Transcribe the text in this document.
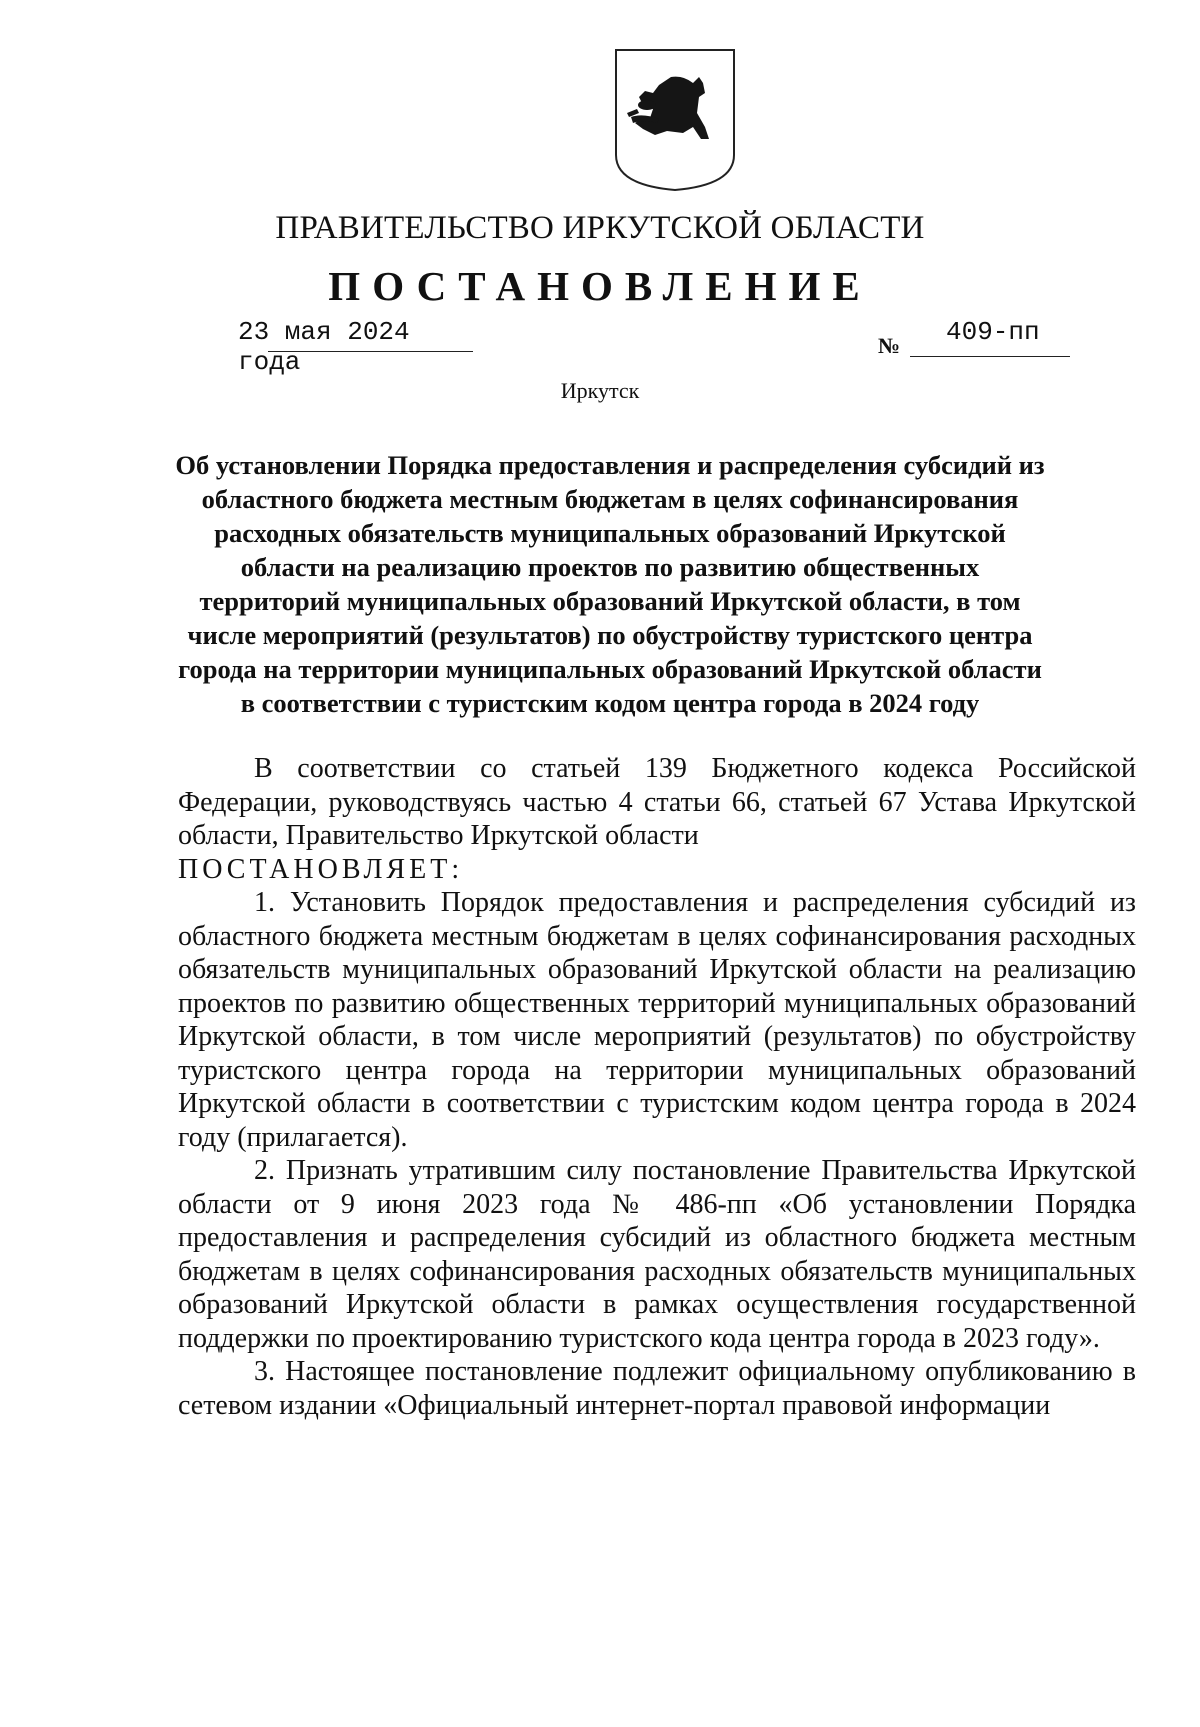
ПРАВИТЕЛЬСТВО ИРКУТСКОЙ ОБЛАСТИ
ПОСТАНОВЛЕНИЕ
23 мая 2024 года
№ 409-пп
Иркутск
Об установлении Порядка предоставления и распределения субсидий из областного бюджета местным бюджетам в целях софинансирования расходных обязательств муниципальных образований Иркутской области на реализацию проектов по развитию общественных территорий муниципальных образований Иркутской области, в том числе мероприятий (результатов) по обустройству туристского центра города на территории муниципальных образований Иркутской области в соответствии с туристским кодом центра города в 2024 году

В соответствии со статьей 139 Бюджетного кодекса Российской Федерации, руководствуясь частью 4 статьи 66, статьей 67 Устава Иркутской области, Правительство Иркутской области

ПОСТАНОВЛЯЕТ:

1. Установить Порядок предоставления и распределения субсидий из областного бюджета местным бюджетам в целях софинансирования расходных обязательств муниципальных образований Иркутской области на реализацию проектов по развитию общественных территорий муниципальных образований Иркутской области, в том числе мероприятий (результатов) по обустройству туристского центра города на территории муниципальных образований Иркутской области в соответствии с туристским кодом центра города в 2024 году (прилагается).

2. Признать утратившим силу постановление Правительства Иркутской области от 9 июня 2023 года № 486-пп «Об установлении Порядка предоставления и распределения субсидий из областного бюджета местным бюджетам в целях софинансирования расходных обязательств муниципальных образований Иркутской области в рамках осуществления государственной поддержки по проектированию туристского кода центра города в 2023 году».

3. Настоящее постановление подлежит официальному опубликованию в сетевом издании «Официальный интернет-портал правовой информации
